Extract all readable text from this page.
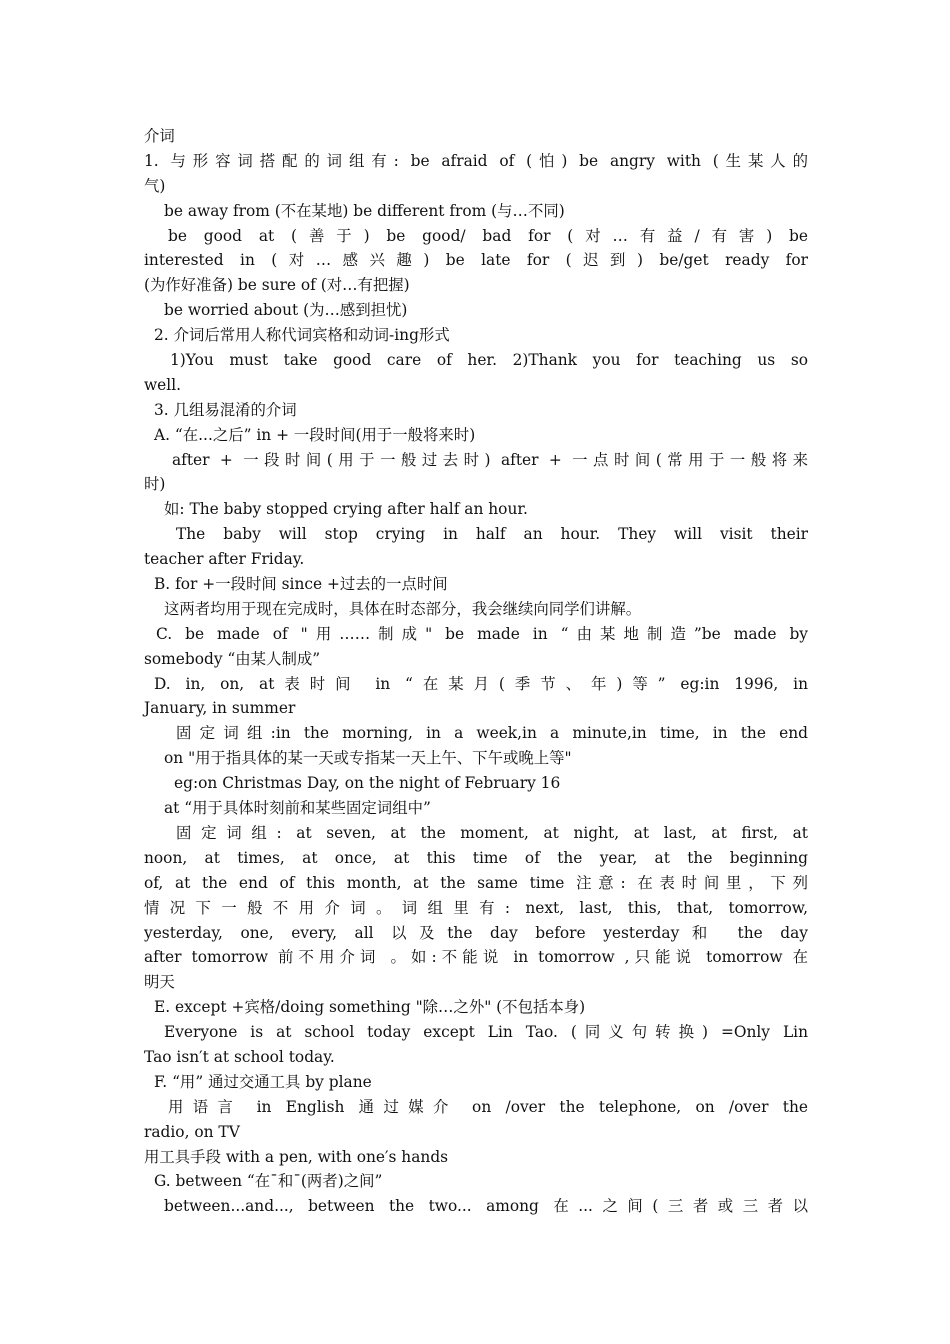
介词
1. 与形容词搭配的词组有: be afraid of (怕) be angry with (生某人的
气)
be away from (不在某地) be different from (与…不同)
be good at (善于) be good/ bad for (对…有益/有害) be
interested in (对…感兴趣) be late for (迟到) be/get ready for
(为作好准备) be sure of (对…有把握)
be worried about (为…感到担忧)
2. 介词后常用人称代词宾格和动词-ing形式
1)You must take good care of her. 2)Thank you for teaching us so
well.
3. 几组易混淆的介词
A. “在...之后” in + 一段时间(用于一般将来时)
after + 一段时间(用于一般过去时) after + 一点时间(常用于一般将来
时)
如: The baby stopped crying after half an hour.
The baby will stop crying in half an hour. They will visit their
teacher after Friday.
B. for +一段时间 since +过去的一点时间
这两者均用于现在完成时，具体在时态部分，我会继续向同学们讲解。
C. be made of "用……制成" be made in “由某地制造”be made by
somebody “由某人制成”
D. in, on, at表时间 in “在某月(季节、年)等” eg:in 1996, in
January, in summer
固定词组:in the morning, in a week,in a minute,in time, in the end
on "用于指具体的某一天或专指某一天上午、下午或晚上等"
eg:on Christmas Day, on the night of February 16
at “用于具体时刻前和某些固定词组中”
固定词组: at seven, at the moment, at night, at last, at first, at
noon, at times, at once, at this time of the year, at the beginning
of, at the end of this month, at the same time 注意: 在表时间里，下列
情况下一般不用介词。词组里有: next, last, this, that, tomorrow,
yesterday, one, every, all 以及the day before yesterday和 the day
after tomorrow 前不用介词 。如:不能说 in tomorrow ,只能说 tomorrow 在
明天
E. except +宾格/doing something "除…之外" (不包括本身)
Everyone is at school today except Lin Tao. (同义句转换) =Only Lin
Tao isn′t at school today.
F. “用” 通过交通工具 by plane
用语言 in English 通过媒介 on /over the telephone, on /over the
radio, on TV
用工具手段 with a pen, with one′s hands
G. between “在¯和¯(两者)之间”
between...and..., between the two... among 在...之间(三者或三者以
